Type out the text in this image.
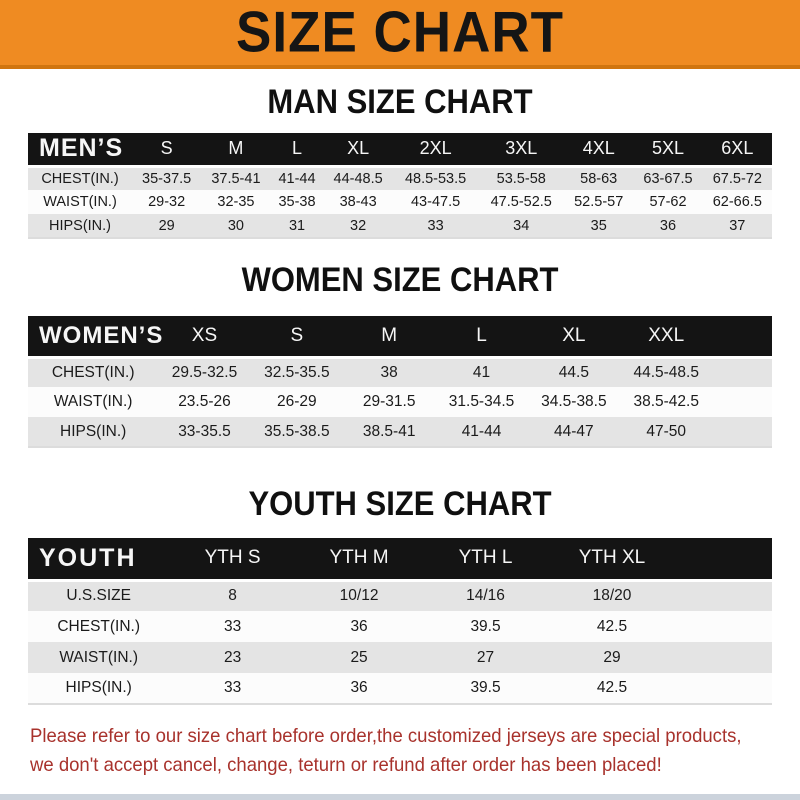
SIZE CHART
MAN SIZE CHART
MEN’S	S	M	L	XL	2XL	3XL	4XL	5XL	6XL
CHEST(IN.)	35-37.5	37.5-41	41-44	44-48.5	48.5-53.5	53.5-58	58-63	63-67.5	67.5-72
WAIST(IN.)	29-32	32-35	35-38	38-43	43-47.5	47.5-52.5	52.5-57	57-62	62-66.5
HIPS(IN.)	29	30	31	32	33	34	35	36	37
WOMEN SIZE CHART
WOMEN’S	XS	S	M	L	XL	XXL	
CHEST(IN.)	29.5-32.5	32.5-35.5	38	41	44.5	44.5-48.5	
WAIST(IN.)	23.5-26	26-29	29-31.5	31.5-34.5	34.5-38.5	38.5-42.5	
HIPS(IN.)	33-35.5	35.5-38.5	38.5-41	41-44	44-47	47-50	
YOUTH SIZE CHART
YOUTH	YTH S	YTH M	YTH L	YTH XL	
U.S.SIZE	8	10/12	14/16	18/20	
CHEST(IN.)	33	36	39.5	42.5	
WAIST(IN.)	23	25	27	29	
HIPS(IN.)	33	36	39.5	42.5	
Please refer to our size chart before order,the customized jerseys are special products,
we don't accept cancel, change, teturn or refund after order has been placed!
